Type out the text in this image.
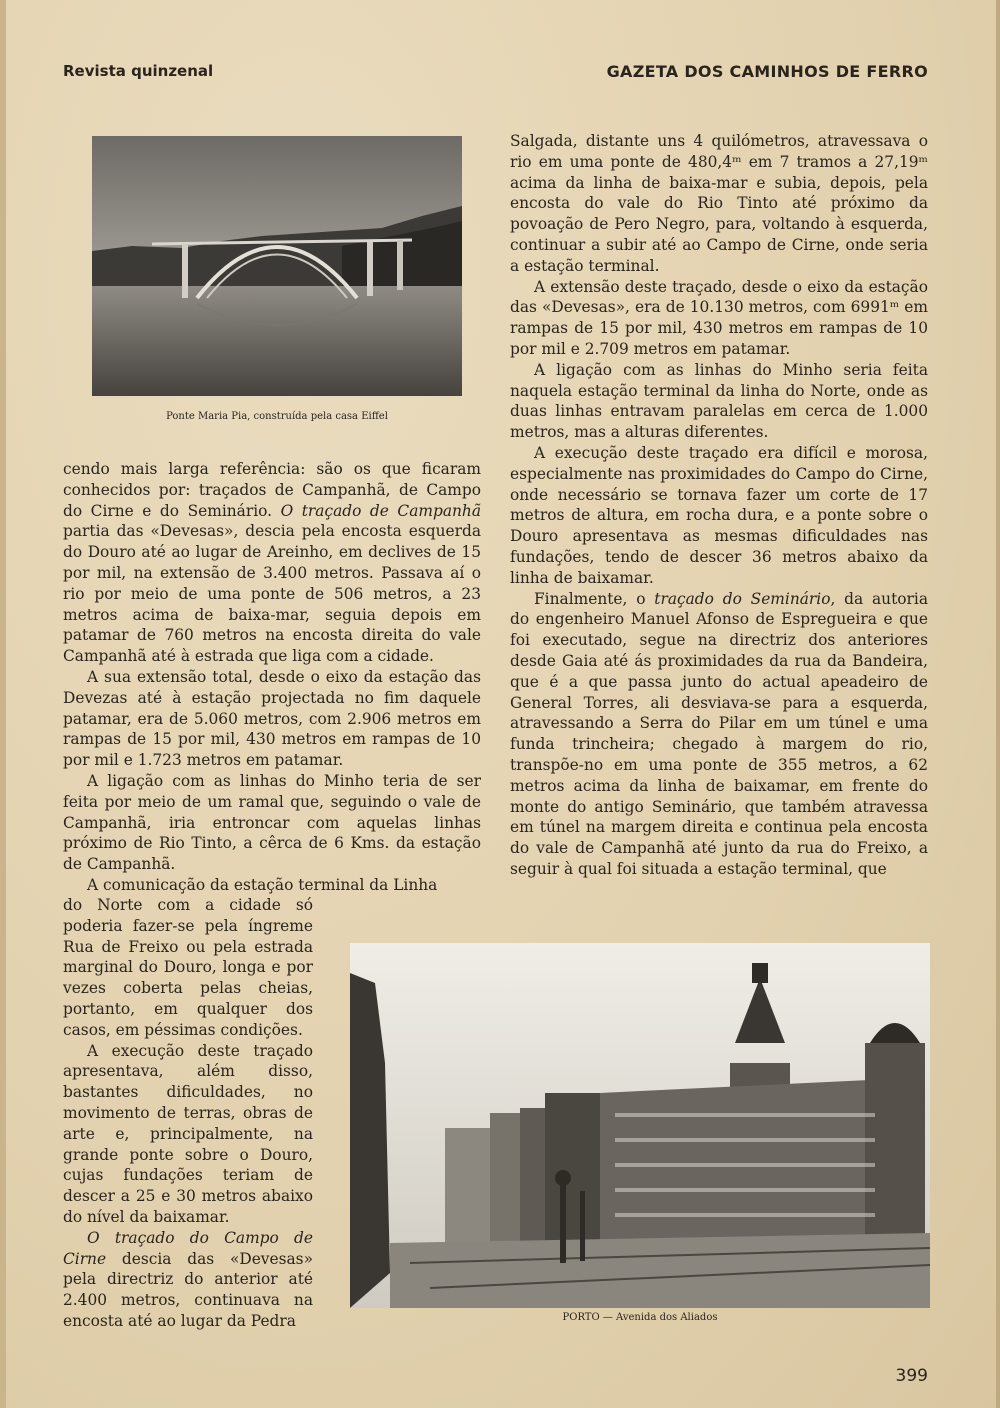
Revista quinzenal	GAZETA DOS CAMINHOS DE FERRO
Ponte Maria Pia, construída pela casa Eiffel

cendo mais larga referência: são os que ficaram conhecidos por: traçados de Campanhã, de Campo do Cirne e do Seminário. O traçado de Campanhã partia das «Devesas», descia pela encosta esquerda do Douro até ao lugar de Areinho, em declives de 15 por mil, na extensão de 3.400 metros. Passava aí o rio por meio de uma ponte de 506 metros, a 23 metros acima de baixa-mar, seguia depois em patamar de 760 metros na encosta direita do vale Campanhã até à estrada que liga com a cidade.

A sua extensão total, desde o eixo da estação das Devezas até à estação projectada no fim daquele patamar, era de 5.060 metros, com 2.906 metros em rampas de 15 por mil, 430 metros em rampas de 10 por mil e 1.723 metros em patamar.

A ligação com as linhas do Minho teria de ser feita por meio de um ramal que, seguindo o vale de Campanhã, iria entroncar com aquelas linhas próximo de Rio Tinto, a cêrca de 6 Kms. da estação de Campanhã.

A comunicação da estação terminal da Linha

do Norte com a cidade só poderia fazer-se pela íngreme Rua de Freixo ou pela estrada marginal do Douro, longa e por vezes coberta pelas cheias, portanto, em qualquer dos casos, em péssimas condições.

A execução deste traçado apresentava, além disso, bastantes dificuldades, no movimento de terras, obras de arte e, principalmente, na grande ponte sobre o Douro, cujas fundações teriam de descer a 25 e 30 metros abaixo do nível da baixamar.

O traçado do Campo de Cirne descia das «Devesas» pela directriz do anterior até 2.400 metros, continuava na encosta até ao lugar da Pedra

Salgada, distante uns 4 quilómetros, atravessava o rio em uma ponte de 480,4ᵐ em 7 tramos a 27,19ᵐ acima da linha de baixa-mar e subia, depois, pela encosta do vale do Rio Tinto até próximo da povoação de Pero Negro, para, voltando à esquerda, continuar a subir até ao Campo de Cirne, onde seria a estação terminal.

A extensão deste traçado, desde o eixo da estação das «Devesas», era de 10.130 metros, com 6991ᵐ em rampas de 15 por mil, 430 metros em rampas de 10 por mil e 2.709 metros em patamar.

A ligação com as linhas do Minho seria feita naquela estação terminal da linha do Norte, onde as duas linhas entravam paralelas em cerca de 1.000 metros, mas a alturas diferentes.

A execução deste traçado era difícil e morosa, especialmente nas proximidades do Campo do Cirne, onde necessário se tornava fazer um corte de 17 metros de altura, em rocha dura, e a ponte sobre o Douro apresentava as mesmas dificuldades nas fundações, tendo de descer 36 metros abaixo da linha de baixamar.

Finalmente, o traçado do Seminário, da autoria do engenheiro Manuel Afonso de Espregueira e que foi executado, segue na directriz dos anteriores desde Gaia até ás proximidades da rua da Bandeira, que é a que passa junto do actual apeadeiro de General Torres, ali desviava-se para a esquerda, atravessando a Serra do Pilar em um túnel e uma funda trincheira; chegado à margem do rio, transpõe-no em uma ponte de 355 metros, a 62 metros acima da linha de baixamar, em frente do monte do antigo Seminário, que também atravessa em túnel na margem direita e continua pela encosta do vale de Campanhã até junto da rua do Freixo, a seguir à qual foi situada a estação terminal, que

PORTO — Avenida dos Aliados
399
